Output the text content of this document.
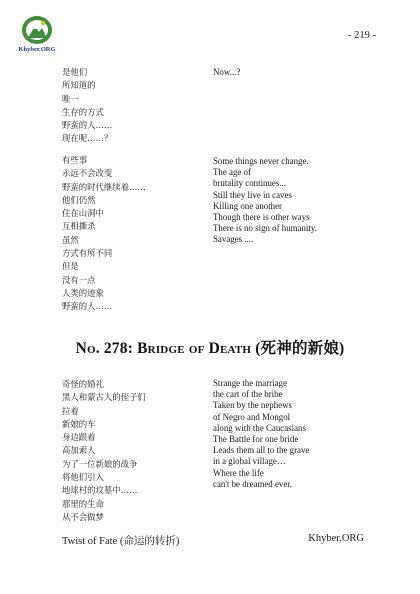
Khyber.ORG
- 219 -
是他们
所知道的
唯一
生存的方式
野蛮的人……
现在呢……？
Now...?
有些事
永远不会改变
野蛮的时代继续着……
他们仍然
住在山洞中
互相撕杀
虽然
方式有所不同
但是
没有一点
人类的迹象
野蛮的人……
Some things never change.
The age of
brutality continues...
Still they live in caves
Killing one another
Though there is other ways
There is no sign of humanity.
Savages ....
No. 278: Bridge of Death (死神的新娘)
奇怪的婚礼
黑人和蒙古人的侄子们
拉着
新娘的车
身边跟着
高加索人
为了一位新娘的战争
将他们引入
地球村的坟墓中……
那里的生命
从不会做梦
Strange the marriage
the cart of the bribe
Taken by the nephews
of Negro and Mongol
along with the Caucasians
The Battle for one bride
Leads them all to the grave
in a global village…
Where the life
can't be dreamed ever.
Twist of Fate (命运的转折)	Khyber.ORG
